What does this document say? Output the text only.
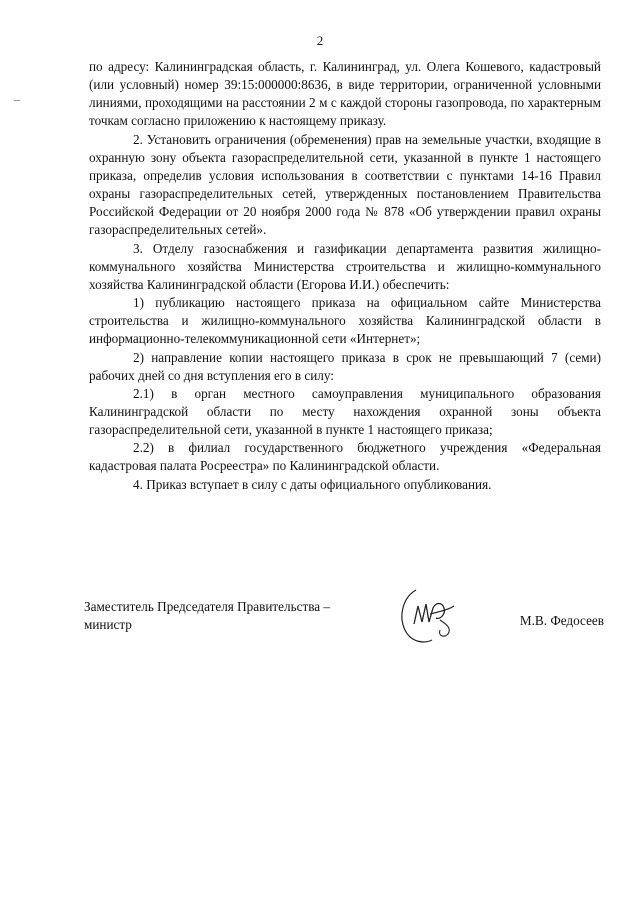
2

по адресу: Калининградская область, г. Калининград, ул. Олега Кошевого, кадастровый (или условный) номер 39:15:000000:8636, в виде территории, ограниченной условными линиями, проходящими на расстоянии 2 м с каждой стороны газопровода, по характерным точкам согласно приложению к настоящему приказу.

2. Установить ограничения (обременения) прав на земельные участки, входящие в охранную зону объекта газораспределительной сети, указанной в пункте 1 настоящего приказа, определив условия использования в соответствии с пунктами 14-16 Правил охраны газораспределительных сетей, утвержденных постановлением Правительства Российской Федерации от 20 ноября 2000 года № 878 «Об утверждении правил охраны газораспределительных сетей».

3. Отделу газоснабжения и газификации департамента развития жилищно-коммунального хозяйства Министерства строительства и жилищно-коммунального хозяйства Калининградской области (Егорова И.И.) обеспечить:

1) публикацию настоящего приказа на официальном сайте Министерства строительства и жилищно-коммунального хозяйства Калининградской области в информационно-телекоммуникационной сети «Интернет»;

2) направление копии настоящего приказа в срок не превышающий 7 (семи) рабочих дней со дня вступления его в силу:

2.1) в орган местного самоуправления муниципального образования Калининградской области по месту нахождения охранной зоны объекта газораспределительной сети, указанной в пункте 1 настоящего приказа;

2.2) в филиал государственного бюджетного учреждения «Федеральная кадастровая палата Росреестра» по Калининградской области.

4. Приказ вступает в силу с даты официального опубликования.

Заместитель Председателя Правительства – министр	М.В. Федосеев
